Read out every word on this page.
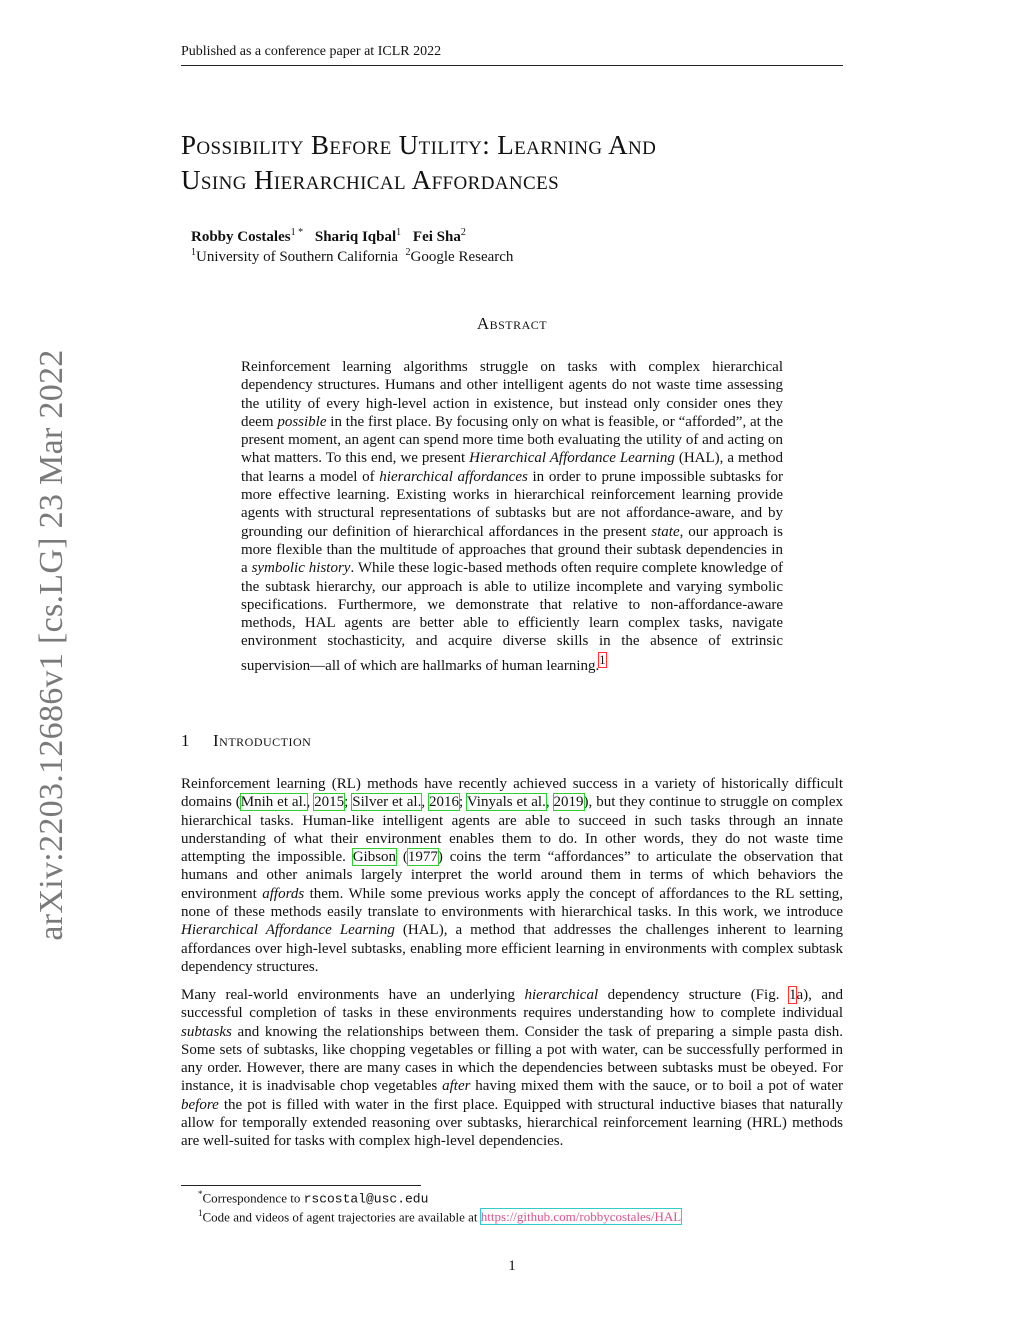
Published as a conference paper at ICLR 2022
arXiv:2203.12686v1 [cs.LG] 23 Mar 2022
Possibility Before Utility: Learning And
Using Hierarchical Affordances
Robby Costales$^{1 *}$ Shariq Iqbal$^1$ Fei Sha$^2$
$^1$University of Southern California $^2$Google Research
Abstract
Reinforcement learning algorithms struggle on tasks with complex hierarchical dependency structures. Humans and other intelligent agents do not waste time assessing the utility of every high-level action in existence, but instead only consider ones they deem possible in the first place. By focusing only on what is feasible, or “afforded”, at the present moment, an agent can spend more time both evaluating the utility of and acting on what matters. To this end, we present Hierarchical Affordance Learning (HAL), a method that learns a model of hierarchical affordances in order to prune impossible subtasks for more effective learning. Existing works in hierarchical reinforcement learning provide agents with structural representations of subtasks but are not affordance-aware, and by grounding our definition of hierarchical affordances in the present state, our approach is more flexible than the multitude of approaches that ground their subtask dependencies in a symbolic history. While these logic-based methods often require complete knowledge of the subtask hierarchy, our approach is able to utilize incomplete and varying symbolic specifications. Furthermore, we demonstrate that relative to non-affordance-aware methods, HAL agents are better able to efficiently learn complex tasks, navigate environment stochasticity, and acquire diverse skills in the absence of extrinsic supervision—all of which are hallmarks of human learning.$^1$
1 Introduction
Reinforcement learning (RL) methods have recently achieved success in a variety of historically difficult domains (Mnih et al., 2015; Silver et al., 2016; Vinyals et al., 2019), but they continue to struggle on complex hierarchical tasks. Human-like intelligent agents are able to succeed in such tasks through an innate understanding of what their environment enables them to do. In other words, they do not waste time attempting the impossible. Gibson (1977) coins the term “affordances” to articulate the observation that humans and other animals largely interpret the world around them in terms of which behaviors the environment affords them. While some previous works apply the concept of affordances to the RL setting, none of these methods easily translate to environments with hierarchical tasks. In this work, we introduce Hierarchical Affordance Learning (HAL), a method that addresses the challenges inherent to learning affordances over high-level subtasks, enabling more efficient learning in environments with complex subtask dependency structures.
Many real-world environments have an underlying hierarchical dependency structure (Fig. 1a), and successful completion of tasks in these environments requires understanding how to complete individual subtasks and knowing the relationships between them. Consider the task of preparing a simple pasta dish. Some sets of subtasks, like chopping vegetables or filling a pot with water, can be successfully performed in any order. However, there are many cases in which the dependencies between subtasks must be obeyed. For instance, it is inadvisable chop vegetables after having mixed them with the sauce, or to boil a pot of water before the pot is filled with water in the first place. Equipped with structural inductive biases that naturally allow for temporally extended reasoning over subtasks, hierarchical reinforcement learning (HRL) methods are well-suited for tasks with complex high-level dependencies.
*Correspondence to rscostal@usc.edu
$^1$Code and videos of agent trajectories are available at https://github.com/robbycostales/HAL
1
